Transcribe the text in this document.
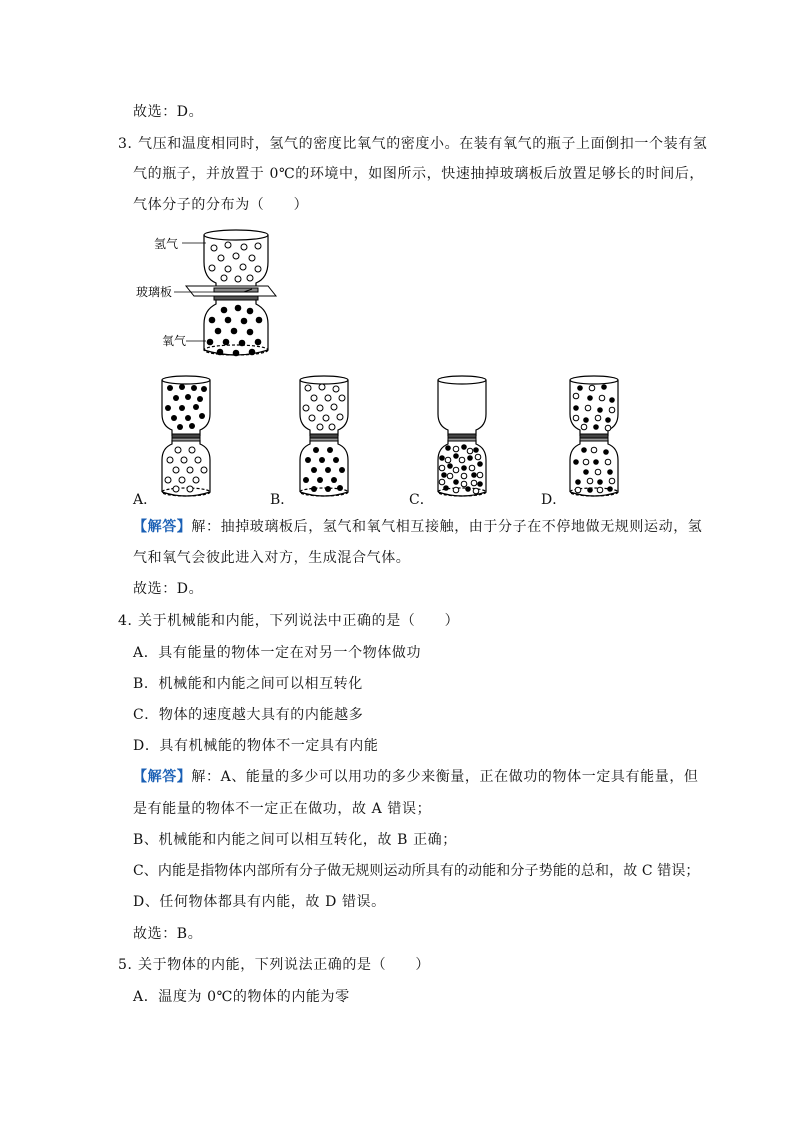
故选：D。
3．
气压和温度相同时，氢气的密度比氧气的密度小。在装有氧气的瓶子上面倒扣一个装有氢
气的瓶子，并放置于 0℃的环境中，如图所示，快速抽掉玻璃板后放置足够长的时间后，
气体分子的分布为（　　）
氢气
玻璃板
氧气
A．	B．	C．	D．
【解答】解：抽掉玻璃板后，氢气和氧气相互接触，由于分子在不停地做无规则运动，氢
气和氧气会彼此进入对方，生成混合气体。
故选：D。
4．
关于机械能和内能，下列说法中正确的是（　　）
A．具有能量的物体一定在对另一个物体做功
B．机械能和内能之间可以相互转化
C．物体的速度越大具有的内能越多
D．具有机械能的物体不一定具有内能
【解答】解：A、能量的多少可以用功的多少来衡量，正在做功的物体一定具有能量，但
是有能量的物体不一定正在做功，故 A 错误；
B、机械能和内能之间可以相互转化，故 B 正确；
C、内能是指物体内部所有分子做无规则运动所具有的动能和分子势能的总和，故 C 错误；
D、任何物体都具有内能，故 D 错误。
故选：B。
5．
关于物体的内能，下列说法正确的是（　　）
A．温度为 0℃的物体的内能为零
